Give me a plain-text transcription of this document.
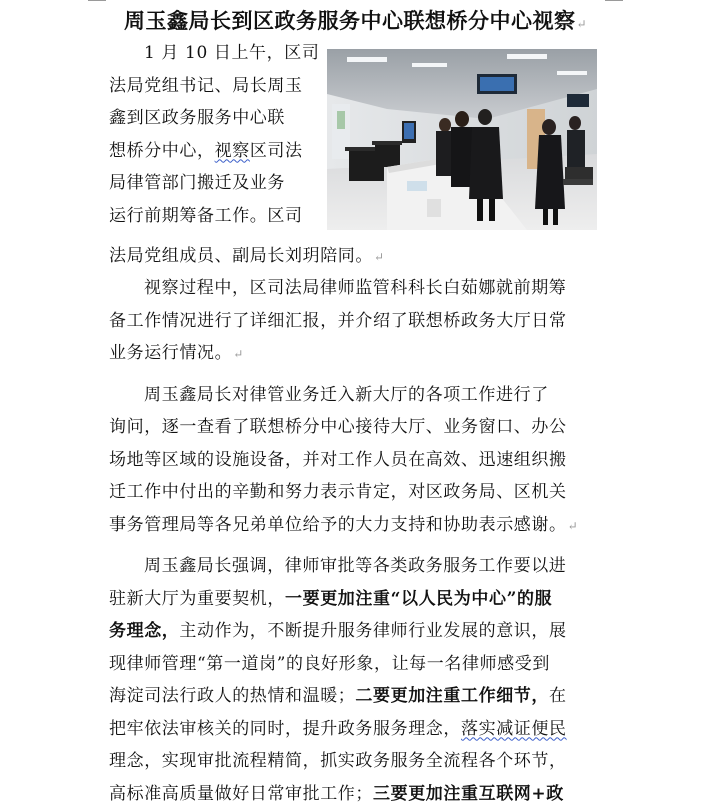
周玉鑫局长到区政务服务中心联想桥分中心视察↵
1 月 10 日上午，区司
法局党组书记、局长周玉
鑫到区政务服务中心联
想桥分中心，视察区司法
局律管部门搬迁及业务
运行前期筹备工作。区司
法局党组成员、副局长刘玥陪同。↵
视察过程中，区司法局律师监管科科长白茹娜就前期筹
备工作情况进行了详细汇报，并介绍了联想桥政务大厅日常
业务运行情况。↵
周玉鑫局长对律管业务迁入新大厅的各项工作进行了
询问，逐一查看了联想桥分中心接待大厅、业务窗口、办公
场地等区域的设施设备，并对工作人员在高效、迅速组织搬
迁工作中付出的辛勤和努力表示肯定，对区政务局、区机关
事务管理局等各兄弟单位给予的大力支持和协助表示感谢。↵
周玉鑫局长强调，律师审批等各类政务服务工作要以进
驻新大厅为重要契机，一要更加注重“以人民为中心”的服
务理念，主动作为，不断提升服务律师行业发展的意识，展
现律师管理“第一道岗”的良好形象，让每一名律师感受到
海淀司法行政人的热情和温暖；二要更加注重工作细节，在
把牢依法审核关的同时，提升政务服务理念，落实减证便民
理念，实现审批流程精简，抓实政务服务全流程各个环节，
高标准高质量做好日常审批工作；三要更加注重互联网+政
